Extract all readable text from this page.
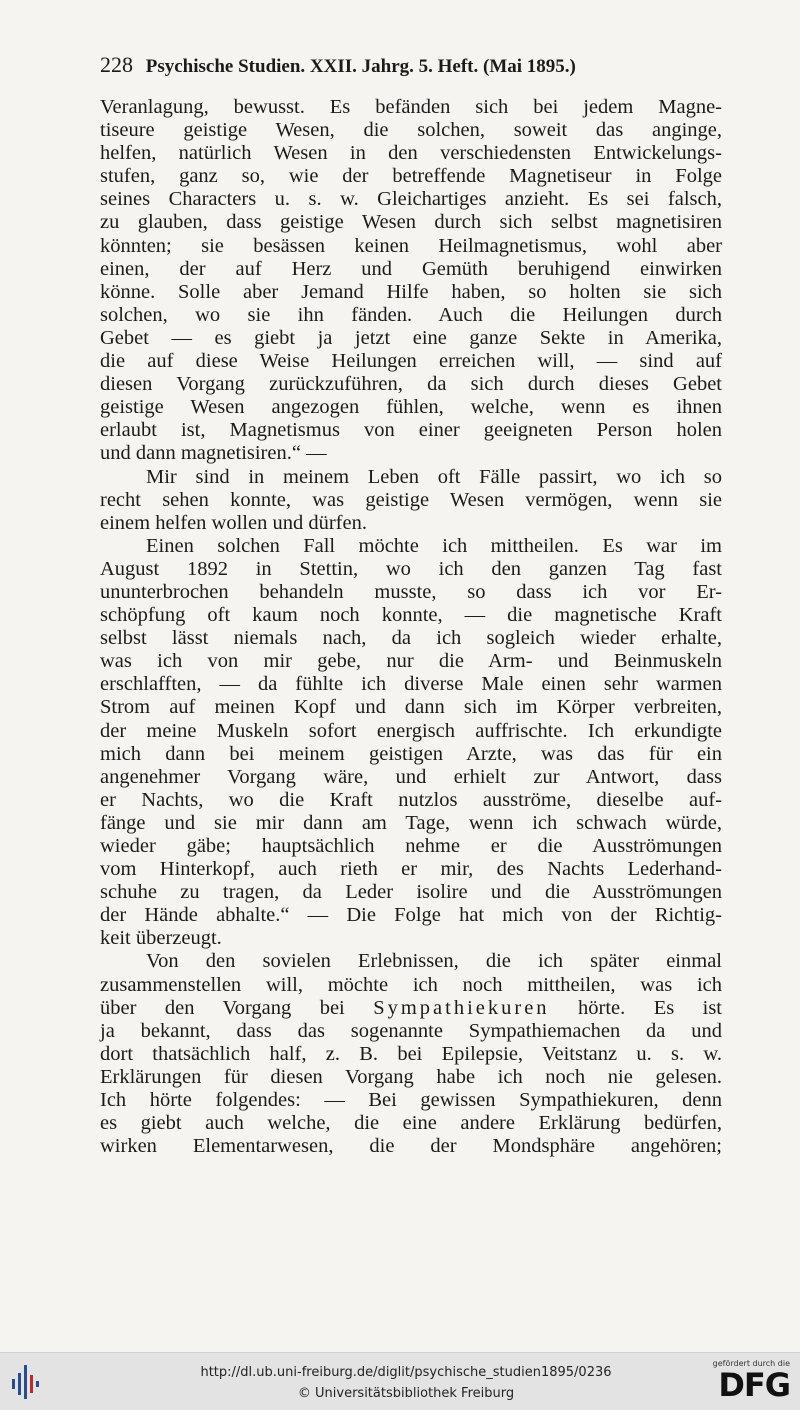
228 Psychische Studien. XXII. Jahrg. 5. Heft. (Mai 1895.)
Veranlagung, bewusst. Es befänden sich bei jedem Magne-
tiseure geistige Wesen, die solchen, soweit das anginge,
helfen, natürlich Wesen in den verschiedensten Entwickelungs-
stufen, ganz so, wie der betreffende Magnetiseur in Folge
seines Characters u. s. w. Gleichartiges anzieht. Es sei falsch,
zu glauben, dass geistige Wesen durch sich selbst magnetisiren
könnten; sie besässen keinen Heilmagnetismus, wohl aber
einen, der auf Herz und Gemüth beruhigend einwirken
könne. Solle aber Jemand Hilfe haben, so holten sie sich
solchen, wo sie ihn fänden. Auch die Heilungen durch
Gebet — es giebt ja jetzt eine ganze Sekte in Amerika,
die auf diese Weise Heilungen erreichen will, — sind auf
diesen Vorgang zurückzuführen, da sich durch dieses Gebet
geistige Wesen angezogen fühlen, welche, wenn es ihnen
erlaubt ist, Magnetismus von einer geeigneten Person holen
und dann magnetisiren.“ —
Mir sind in meinem Leben oft Fälle passirt, wo ich so
recht sehen konnte, was geistige Wesen vermögen, wenn sie
einem helfen wollen und dürfen.
Einen solchen Fall möchte ich mittheilen. Es war im
August 1892 in Stettin, wo ich den ganzen Tag fast
ununterbrochen behandeln musste, so dass ich vor Er-
schöpfung oft kaum noch konnte, — die magnetische Kraft
selbst lässt niemals nach, da ich sogleich wieder erhalte,
was ich von mir gebe, nur die Arm- und Beinmuskeln
erschlafften, — da fühlte ich diverse Male einen sehr warmen
Strom auf meinen Kopf und dann sich im Körper verbreiten,
der meine Muskeln sofort energisch auffrischte. Ich erkundigte
mich dann bei meinem geistigen Arzte, was das für ein
angenehmer Vorgang wäre, und erhielt zur Antwort, dass
er Nachts, wo die Kraft nutzlos ausströme, dieselbe auf-
fänge und sie mir dann am Tage, wenn ich schwach würde,
wieder gäbe; hauptsächlich nehme er die Ausströmungen
vom Hinterkopf, auch rieth er mir, des Nachts Lederhand-
schuhe zu tragen, da Leder isolire und die Ausströmungen
der Hände abhalte.“ — Die Folge hat mich von der Richtig-
keit überzeugt.
Von den sovielen Erlebnissen, die ich später einmal
zusammenstellen will, möchte ich noch mittheilen, was ich
über den Vorgang bei Sympathiekuren hörte. Es ist
ja bekannt, dass das sogenannte Sympathiemachen da und
dort thatsächlich half, z. B. bei Epilepsie, Veitstanz u. s. w.
Erklärungen für diesen Vorgang habe ich noch nie gelesen.
Ich hörte folgendes: — Bei gewissen Sympathiekuren, denn
es giebt auch welche, die eine andere Erklärung bedürfen,
wirken Elementarwesen, die der Mondsphäre angehören;
http://dl.ub.uni-freiburg.de/diglit/psychische_studien1895/0236
© Universitätsbibliothek Freiburg
gefördert durch die
DFG
